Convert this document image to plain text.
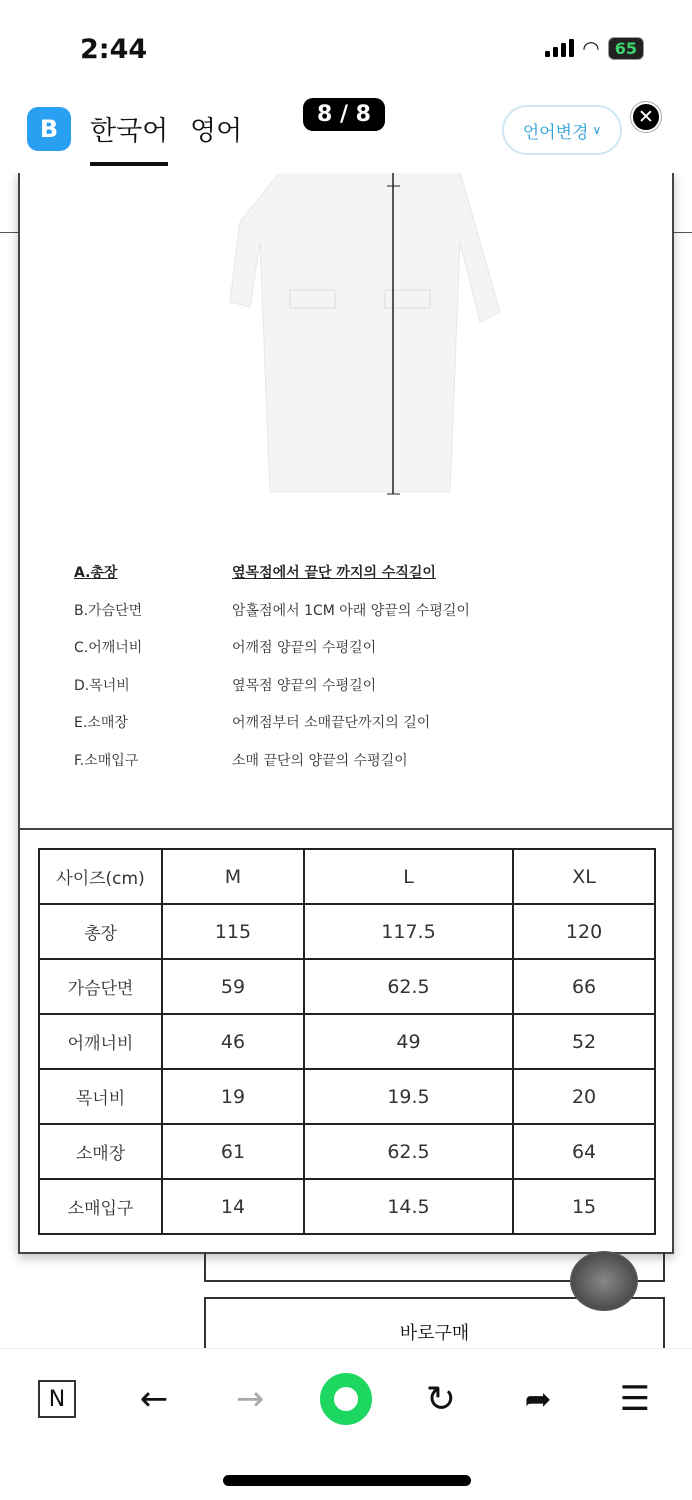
2:44	◠ 65
A.총장	옆목점에서 끝단 까지의 수직길이
B.가슴단면	암홀점에서 1CM 아래 양끝의 수평길이
C.어깨너비	어깨점 양끝의 수평길이
D.목너비	옆목점 양끝의 수평길이
E.소매장	어깨점부터 소매끝단까지의 길이
F.소매입구	소매 끝단의 양끝의 수평길이
사이즈(cm)	M	L	XL
총장	115	117.5	120
가슴단면	59	62.5	66
어깨너비	46	49	52
목너비	19	19.5	20
소매장	61	62.5	64
소매입구	14	14.5	15
B	한국어 영어
8 / 8
언어변경 ∨
✕
바로구매
N	← →	↻	➦	☰
